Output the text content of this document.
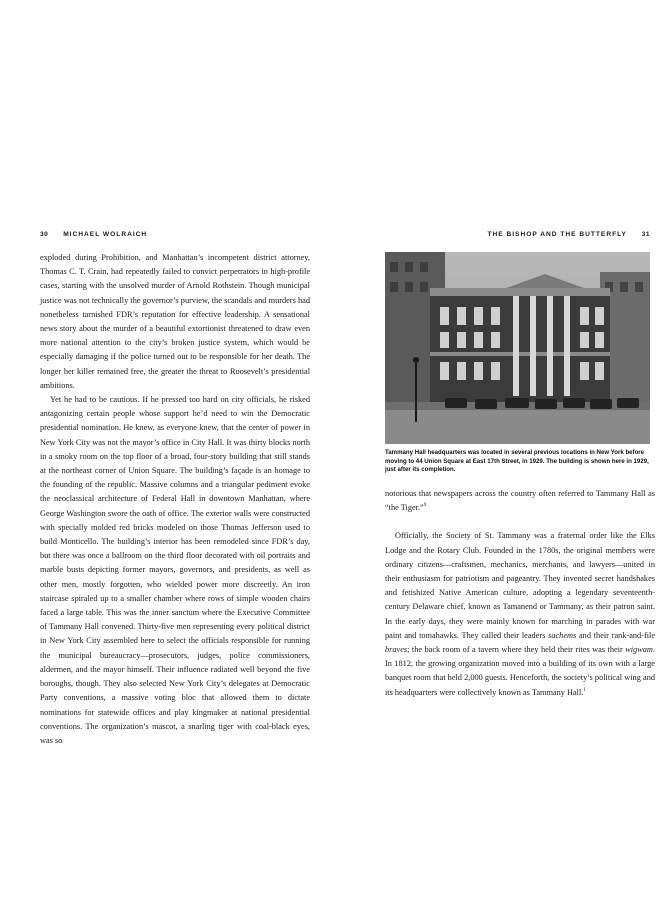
30 MICHAEL WOLRAICH

exploded during Prohibition, and Manhattan’s incompetent district attorney, Thomas C. T. Crain, had repeatedly failed to convict perpetrators in high-profile cases, starting with the unsolved murder of Arnold Rothstein. Though municipal justice was not technically the governor’s purview, the scandals and murders had nonetheless tarnished FDR’s reputation for effective leadership. A sensational news story about the murder of a beautiful extortionist threatened to draw even more national attention to the city’s broken justice system, which would be especially damaging if the police turned out to be responsible for her death. The longer her killer remained free, the greater the threat to Roosevelt’s presidential ambitions.

Yet he had to be cautious. If he pressed too hard on city officials, he risked antagonizing certain people whose support he’d need to win the Democratic presidential nomination. He knew, as everyone knew, that the center of power in New York City was not the mayor’s office in City Hall. It was thirty blocks north in a smoky room on the top floor of a broad, four-story building that still stands at the northeast corner of Union Square. The building’s façade is an homage to the founding of the republic. Massive columns and a triangular pediment evoke the neoclassical architecture of Federal Hall in downtown Manhattan, where George Washington swore the oath of office. The exterior walls were constructed with specially molded red bricks modeled on those Thomas Jefferson used to build Monticello. The building’s interior has been remodeled since FDR’s day, but there was once a ballroom on the third floor decorated with oil portraits and marble busts depicting former mayors, governors, and presidents, as well as other men, mostly forgotten, who wielded power more discreetly. An iron staircase spiraled up to a smaller chamber where rows of simple wooden chairs faced a large table. This was the inner sanctum where the Executive Committee of Tammany Hall convened. Thirty-five men representing every political district in New York City assembled here to select the officials responsible for running the municipal bureaucracy—prosecutors, judges, police commissioners, aldermen, and the mayor himself. Their influence radiated well beyond the five boroughs, though. They also selected New York City’s delegates at Democratic Party conventions, a massive voting bloc that allowed them to dictate nominations for statewide offices and play kingmaker at national presidential conventions. The organization’s mascot, a snarling tiger with coal-black eyes, was so

THE BISHOP AND THE BUTTERFLY 31
Tammany Hall headquarters was located in several previous locations in New York before moving to 44 Union Square at East 17th Street, in 1929. The building is shown here in 1929, just after its completion.

notorious that newspapers across the country often referred to Tammany Hall as “the Tiger.”$^9$

Officially, the Society of St. Tammany was a fraternal order like the Elks Lodge and the Rotary Club. Founded in the 1780s, the original members were ordinary citizens—craftsmen, mechanics, merchants, and lawyers—united in their enthusiasm for patriotism and pageantry. They invented secret handshakes and fetishized Native American culture, adopting a legendary seventeenth-century Delaware chief, known as Tamanend or Tammany, as their patron saint. In the early days, they were mainly known for marching in parades with war paint and tomahawks. They called their leaders sachems and their rank-and-file braves; the back room of a tavern where they held their rites was their wigwam. In 1812, the growing organization moved into a building of its own with a large banquet room that held 2,000 guests. Henceforth, the society’s political wing and its headquarters were collectively known as Tammany Hall.$^1$
